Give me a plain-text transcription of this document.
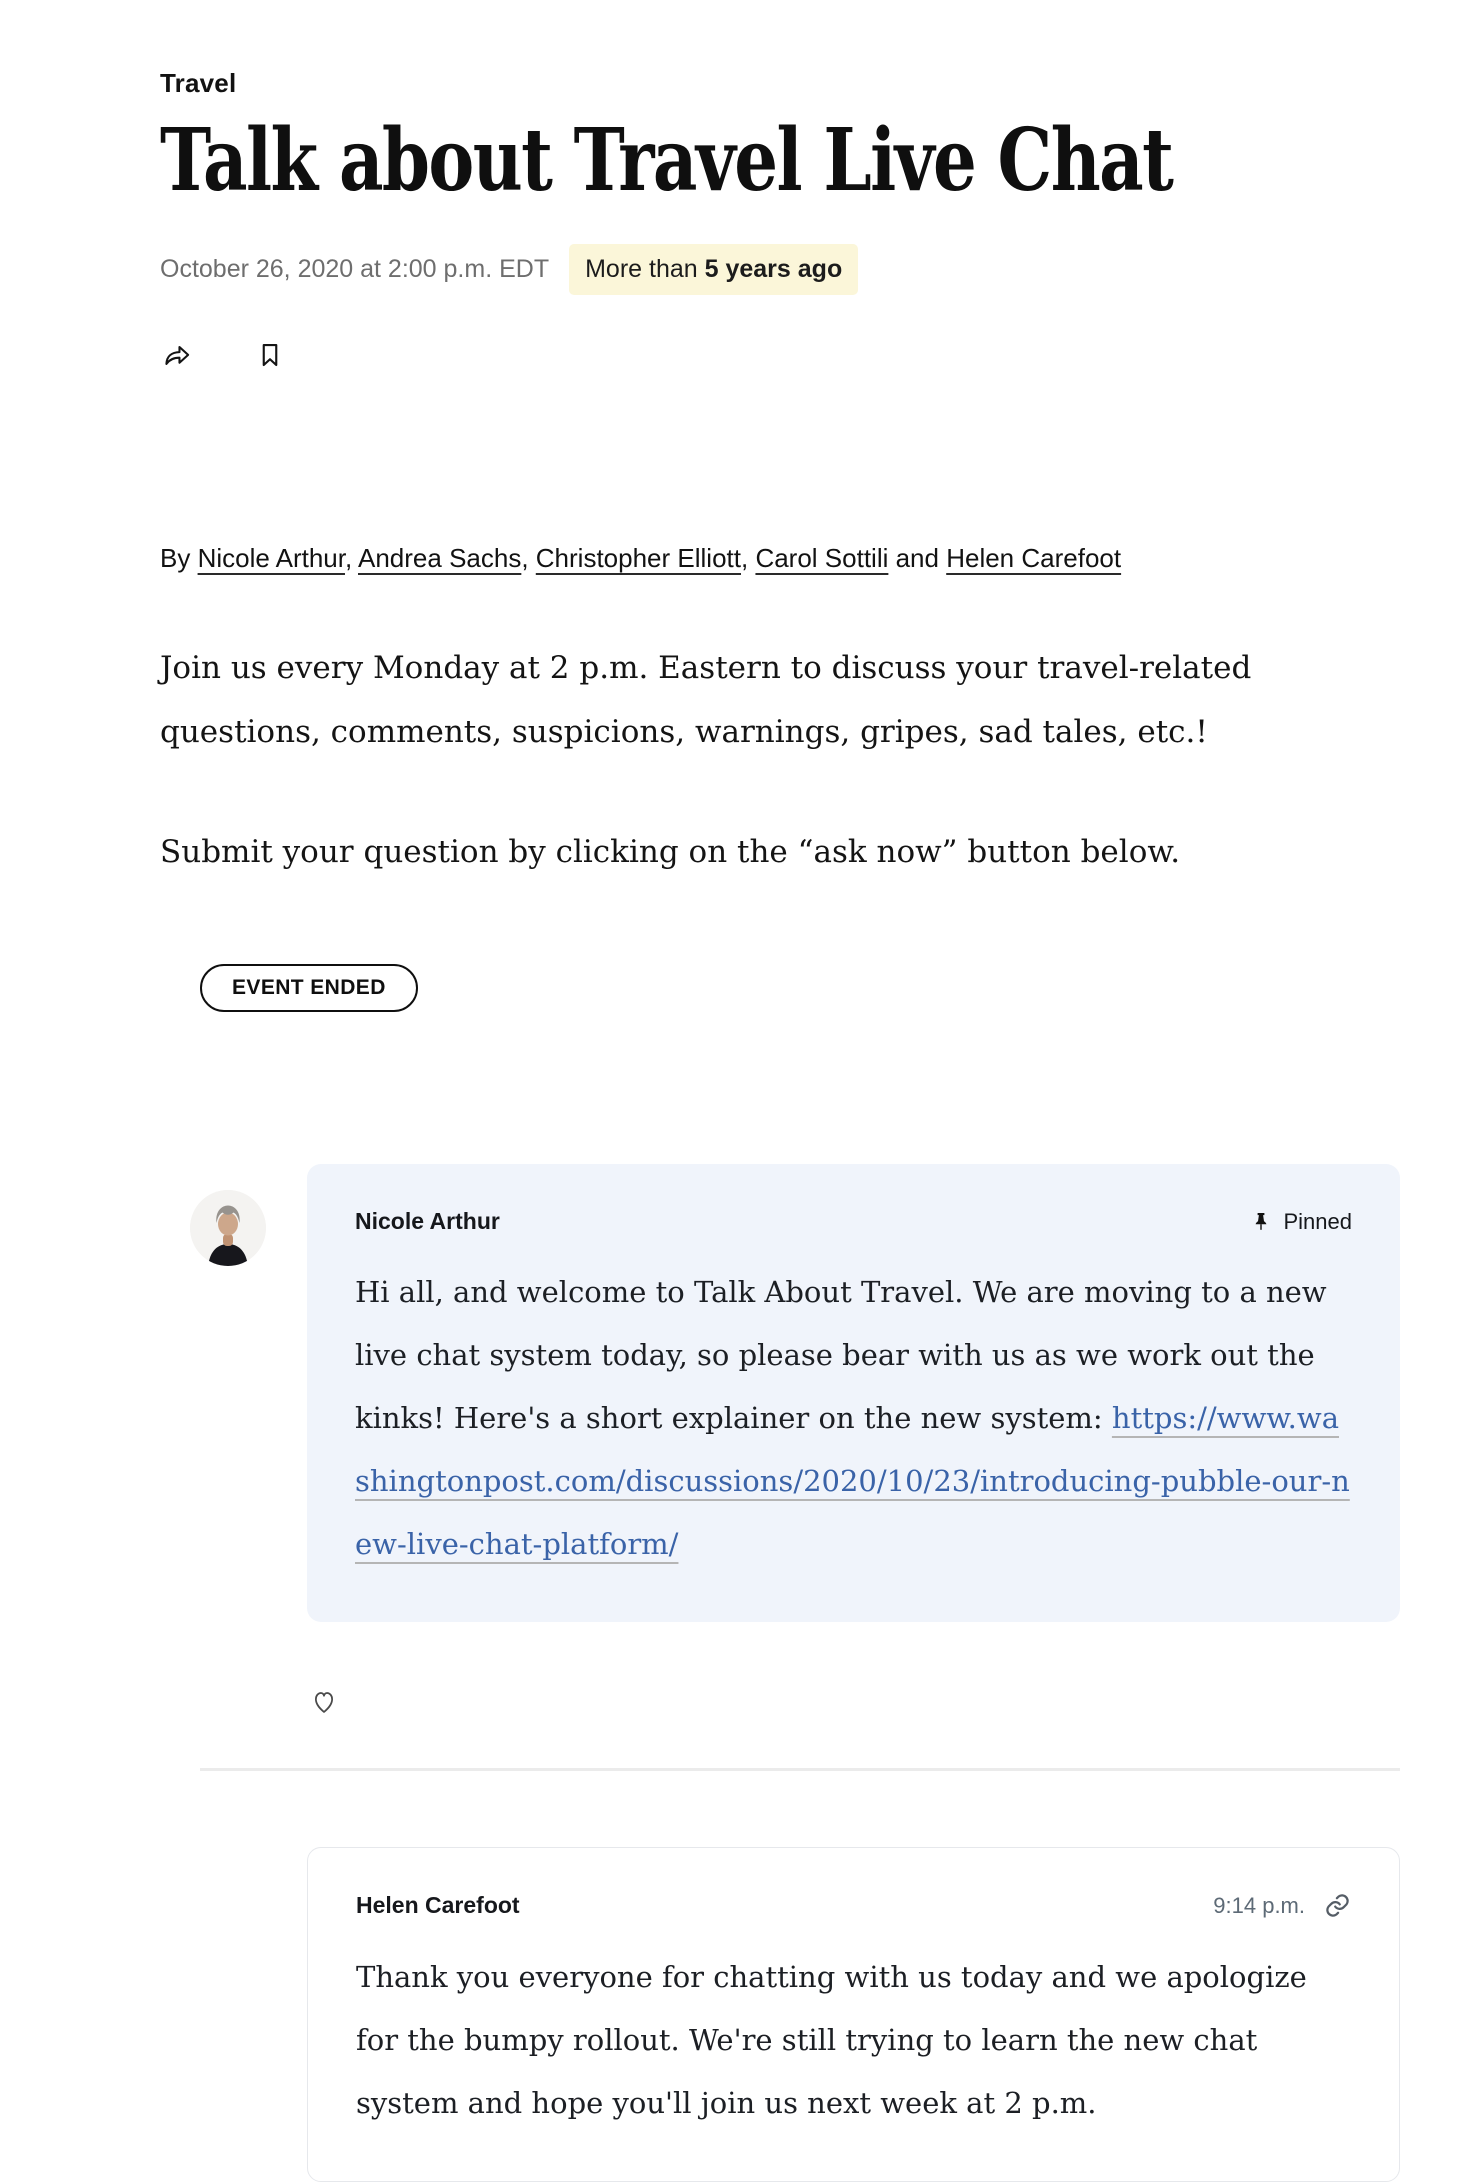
Travel
Talk about Travel Live Chat
October 26, 2020 at 2:00 p.m. EDT	More than 5 years ago
By Nicole Arthur, Andrea Sachs, Christopher Elliott, Carol Sottili and Helen Carefoot

Join us every Monday at 2 p.m. Eastern to discuss your travel-related questions, comments, suspicions, warnings, gripes, sad tales, etc.!

Submit your question by clicking on the “ask now” button below.

EVENT ENDED
Nicole Arthur	Pinned
Hi all, and welcome to Talk About Travel. We are moving to a new live chat system today, so please bear with us as we work out the kinks! Here's a short explainer on the new system: https://www.washingtonpost.com/discussions/2020/10/23/introducing-pubble-our-new-live-chat-platform/
Helen Carefoot	9:14 p.m.
Thank you everyone for chatting with us today and we apologize for the bumpy rollout. We're still trying to learn the new chat system and hope you'll join us next week at 2 p.m.
